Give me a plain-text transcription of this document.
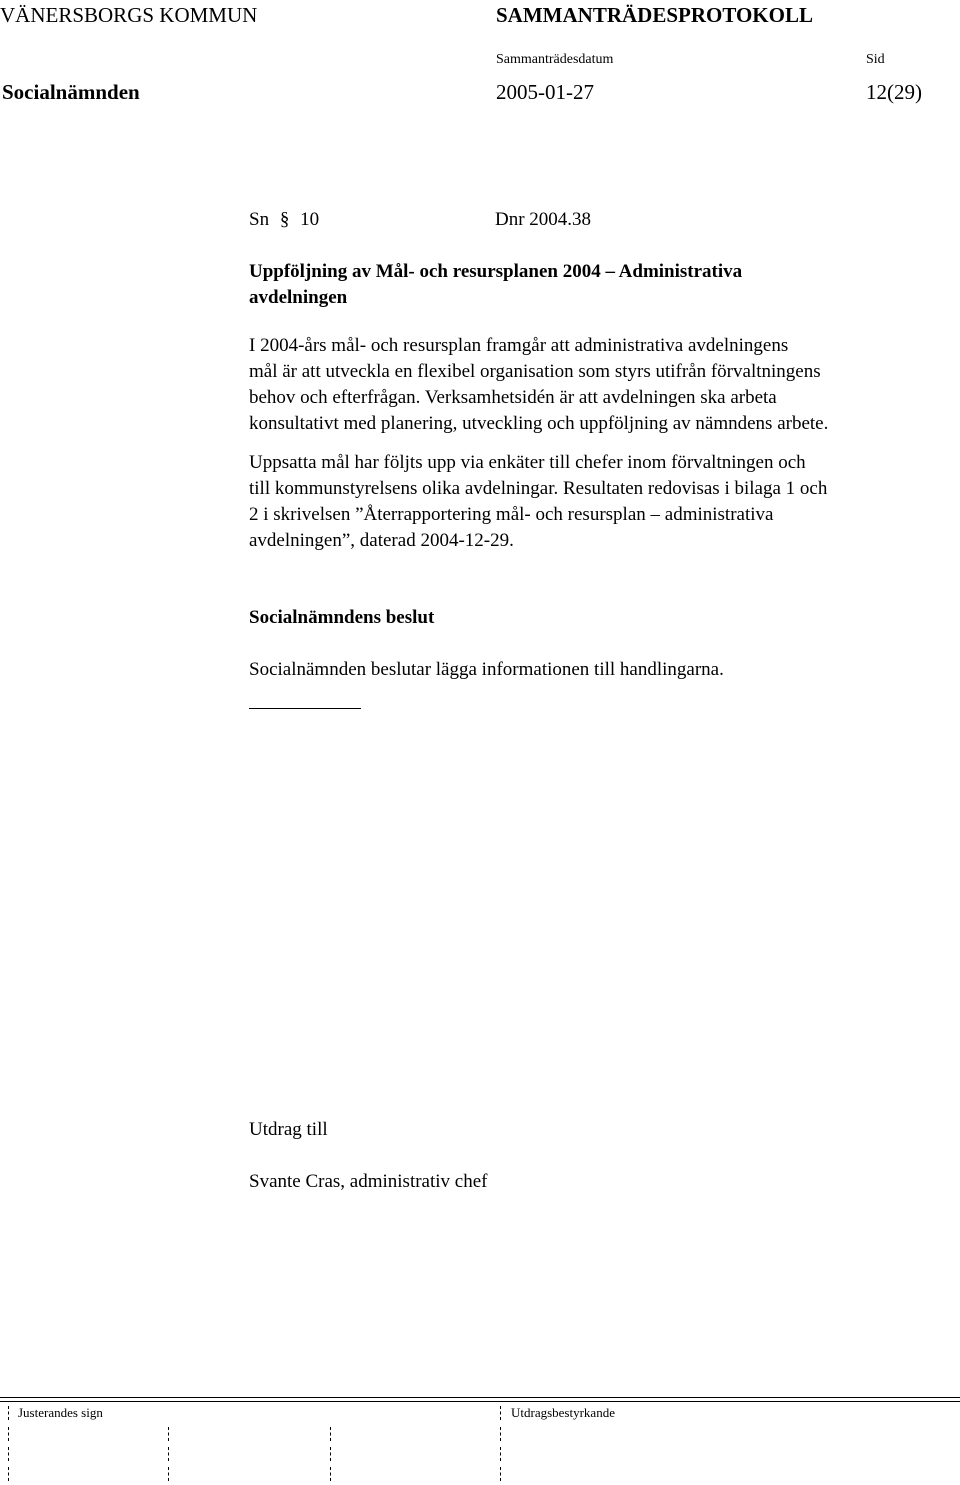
VÄNERSBORGS KOMMUN	SAMMANTRÄDESPROTOKOLL
Sammanträdesdatum	Sid
Socialnämnden	2005-01-27	12(29)
Sn § 10	Dnr 2004.38
Uppföljning av Mål- och resursplanen 2004 – Administrativa
avdelningen
I 2004-års mål- och resursplan framgår att administrativa avdelningens
mål är att utveckla en flexibel organisation som styrs utifrån förvaltningens
behov och efterfrågan. Verksamhetsidén är att avdelningen ska arbeta
konsultativt med planering, utveckling och uppföljning av nämndens arbete.
Uppsatta mål har följts upp via enkäter till chefer inom förvaltningen och
till kommunstyrelsens olika avdelningar. Resultaten redovisas i bilaga 1 och
2 i skrivelsen ”Återrapportering mål- och resursplan – administrativa
avdelningen”, daterad 2004-12-29.
Socialnämndens beslut
Socialnämnden beslutar lägga informationen till handlingarna.
Utdrag till
Svante Cras, administrativ chef
Justerandes sign	Utdragsbestyrkande
